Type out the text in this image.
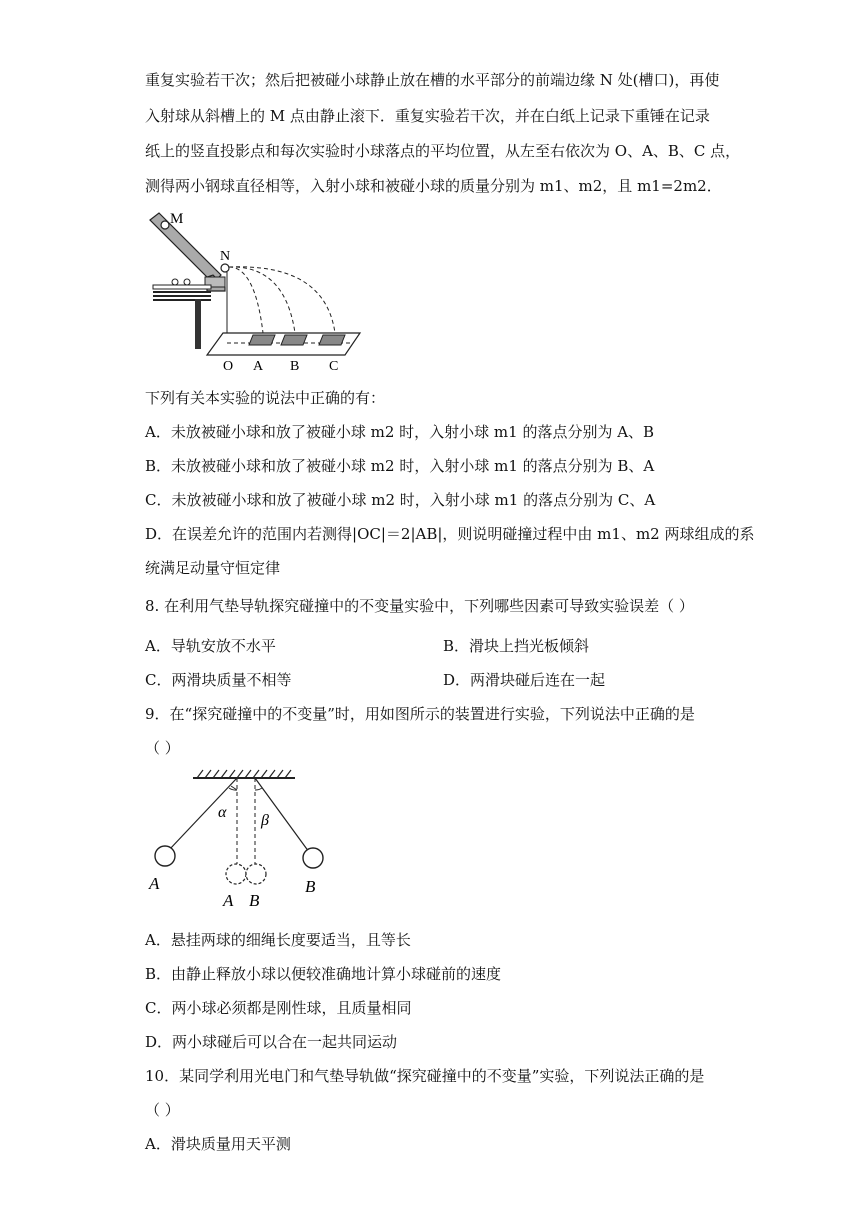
重复实验若干次；然后把被碰小球静止放在槽的水平部分的前端边缘 N 处(槽口)，再使
入射球从斜槽上的 M 点由静止滚下．重复实验若干次，并在白纸上记录下重锤在记录
纸上的竖直投影点和每次实验时小球落点的平均位置，从左至右依次为 O、A、B、C 点，
测得两小钢球直径相等，入射小球和被碰小球的质量分别为 m1、m2，且 m1=2m2．
M
N
O A B C
下列有关本实验的说法中正确的有：
A．未放被碰小球和放了被碰小球 m2 时，入射小球 m1 的落点分别为 A、B
B．未放被碰小球和放了被碰小球 m2 时，入射小球 m1 的落点分别为 B、A
C．未放被碰小球和放了被碰小球 m2 时，入射小球 m1 的落点分别为 C、A
D．在误差允许的范围内若测得|OC|＝2|AB|，则说明碰撞过程中由 m1、m2 两球组成的系
统满足动量守恒定律
8. 在利用气垫导轨探究碰撞中的不变量实验中，下列哪些因素可导致实验误差（ ）
A．导轨安放不水平	B．滑块上挡光板倾斜
C．两滑块质量不相等	D．两滑块碰后连在一起
9．在“探究碰撞中的不变量”时，用如图所示的装置进行实验，下列说法中正确的是
（ ）
α β
A	B
A B
A．悬挂两球的细绳长度要适当，且等长
B．由静止释放小球以便较准确地计算小球碰前的速度
C．两小球必须都是刚性球，且质量相同
D．两小球碰后可以合在一起共同运动
10．某同学利用光电门和气垫导轨做“探究碰撞中的不变量”实验，下列说法正确的是
（ ）
A．滑块质量用天平测
